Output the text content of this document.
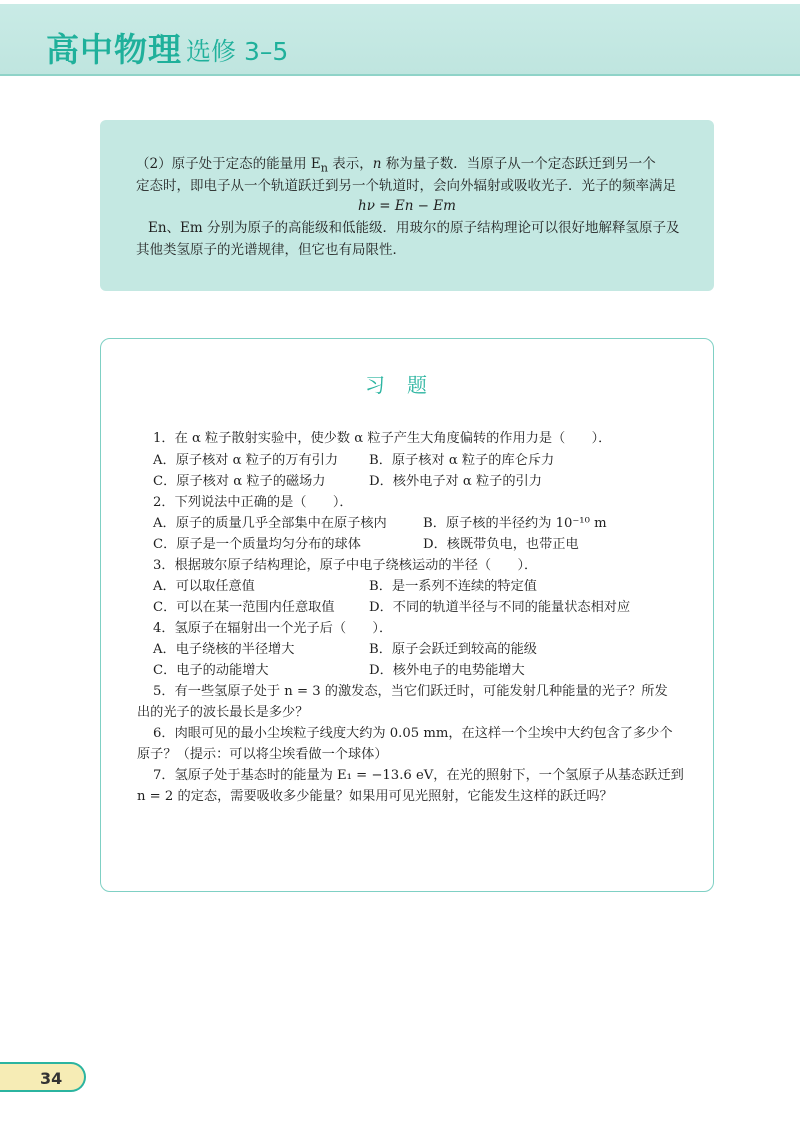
高中物理 选修 3–5

（2）原子处于定态的能量用 $E_n$ 表示，n 称为量子数．当原子从一个定态跃迁到另一个

定态时，即电子从一个轨道跃迁到另一个轨道时，会向外辐射或吸收光子．光子的频率满足

hν = En − Em

En、Em 分别为原子的高能级和低能级．用玻尔的原子结构理论可以很好地解释氢原子及

其他类氢原子的光谱规律，但它也有局限性．

习题
1．在 α 粒子散射实验中，使少数 α 粒子产生大角度偏转的作用力是（　　）．
A．原子核对 α 粒子的万有引力 B．原子核对 α 粒子的库仑斥力
C．原子核对 α 粒子的磁场力	D．核外电子对 α 粒子的引力
2．下列说法中正确的是（　　）．
A．原子的质量几乎全部集中在原子核内	B．原子核的半径约为 10⁻¹⁰ m
C．原子是一个质量均匀分布的球体	D．核既带负电，也带正电
3．根据玻尔原子结构理论，原子中电子绕核运动的半径（　　）．
A．可以取任意值	B．是一系列不连续的特定值
C．可以在某一范围内任意取值	D．不同的轨道半径与不同的能量状态相对应
4．氢原子在辐射出一个光子后（　　）．
A．电子绕核的半径增大	B．原子会跃迁到较高的能级
C．电子的动能增大	D．核外电子的电势能增大
5．有一些氢原子处于 n = 3 的激发态，当它们跃迁时，可能发射几种能量的光子？所发
出的光子的波长最长是多少？
6．肉眼可见的最小尘埃粒子线度大约为 0.05 mm，在这样一个尘埃中大约包含了多少个
原子？（提示：可以将尘埃看做一个球体）
7．氢原子处于基态时的能量为 E₁ = −13.6 eV，在光的照射下，一个氢原子从基态跃迁到
n = 2 的定态，需要吸收多少能量？如果用可见光照射，它能发生这样的跃迁吗？
34
